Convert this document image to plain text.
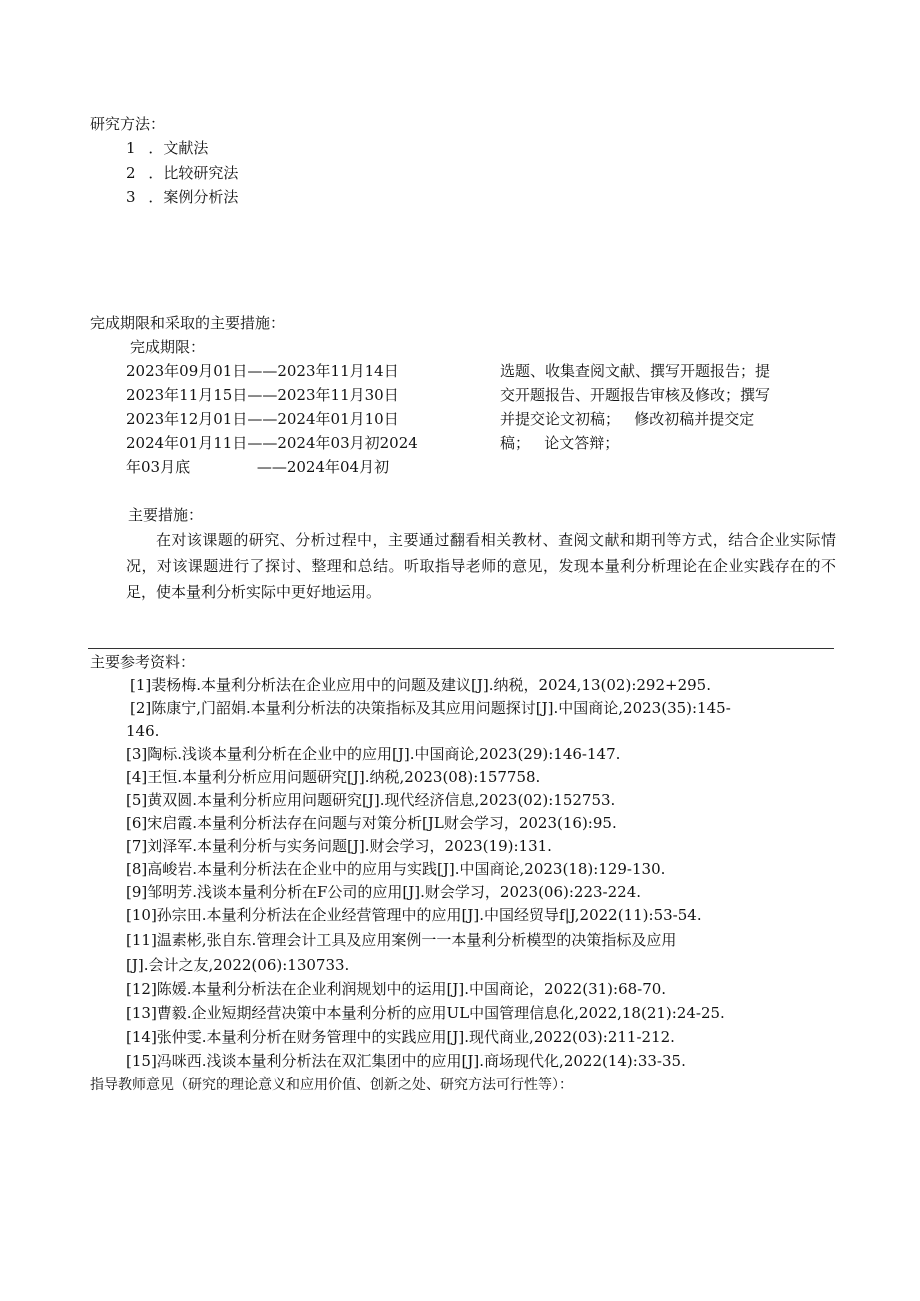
研究方法：
1 ．文献法
2 ．比较研究法
3 ．案例分析法
完成期限和采取的主要措施：
完成期限：
2023年09月01日——2023年11月14日
2023年11月15日——2023年11月30日
2023年12月01日——2024年01月10日
2024年01月11日——2024年03月初2024
年03月底              ——2024年04月初
选题、收集查阅文献、撰写开题报告；提
交开题报告、开题报告审核及修改；撰写
并提交论文初稿；   修改初稿并提交定
稿；   论文答辩；
主要措施：
在对该课题的研究、分析过程中，主要通过翻看相关教材、查阅文献和期刊等方式，结合企业实际情况，对该课题进行了探讨、整理和总结。听取指导老师的意见，发现本量利分析理论在企业实践存在的不足，使本量利分析实际中更好地运用。
主要参考资料：
[1]裴杨梅.本量利分析法在企业应用中的问题及建议[J].纳税，2024,13(02):292+295.
[2]陈康宁,门韶娟.本量利分析法的决策指标及其应用问题探讨[J].中国商论,2023(35):145-
146.
[3]陶标.浅谈本量利分析在企业中的应用[J].中国商论,2023(29):146-147.
[4]王恒.本量利分析应用问题研究[J].纳税,2023(08):157758.
[5]黄双圆.本量利分析应用问题研究[J].现代经济信息,2023(02):152753.
[6]宋启霞.本量利分析法存在问题与对策分析[JL财会学习，2023(16):95.
[7]刘泽军.本量利分析与实务问题[J].财会学习，2023(19):131.
[8]高峻岩.本量利分析法在企业中的应用与实践[J].中国商论,2023(18):129-130.
[9]邹明芳.浅谈本量利分析在F公司的应用[J].财会学习，2023(06):223-224.
[10]孙宗田.本量利分析法在企业经营管理中的应用[J].中国经贸导f|J,2022(11):53-54.
[11]温素彬,张自东.管理会计工具及应用案例一一本量利分析模型的决策指标及应用
[J].会计之友,2022(06):130733.
[12]陈媛.本量利分析法在企业利润规划中的运用[J].中国商论，2022(31):68-70.
[13]曹毅.企业短期经营决策中本量利分析的应用UL中国管理信息化,2022,18(21):24-25.
[14]张仲雯.本量利分析在财务管理中的实践应用[J].现代商业,2022(03):211-212.
[15]冯咪西.浅谈本量利分析法在双汇集团中的应用[J].商场现代化,2022(14):33-35.
指导教师意见（研究的理论意义和应用价值、创新之处、研究方法可行性等）：
